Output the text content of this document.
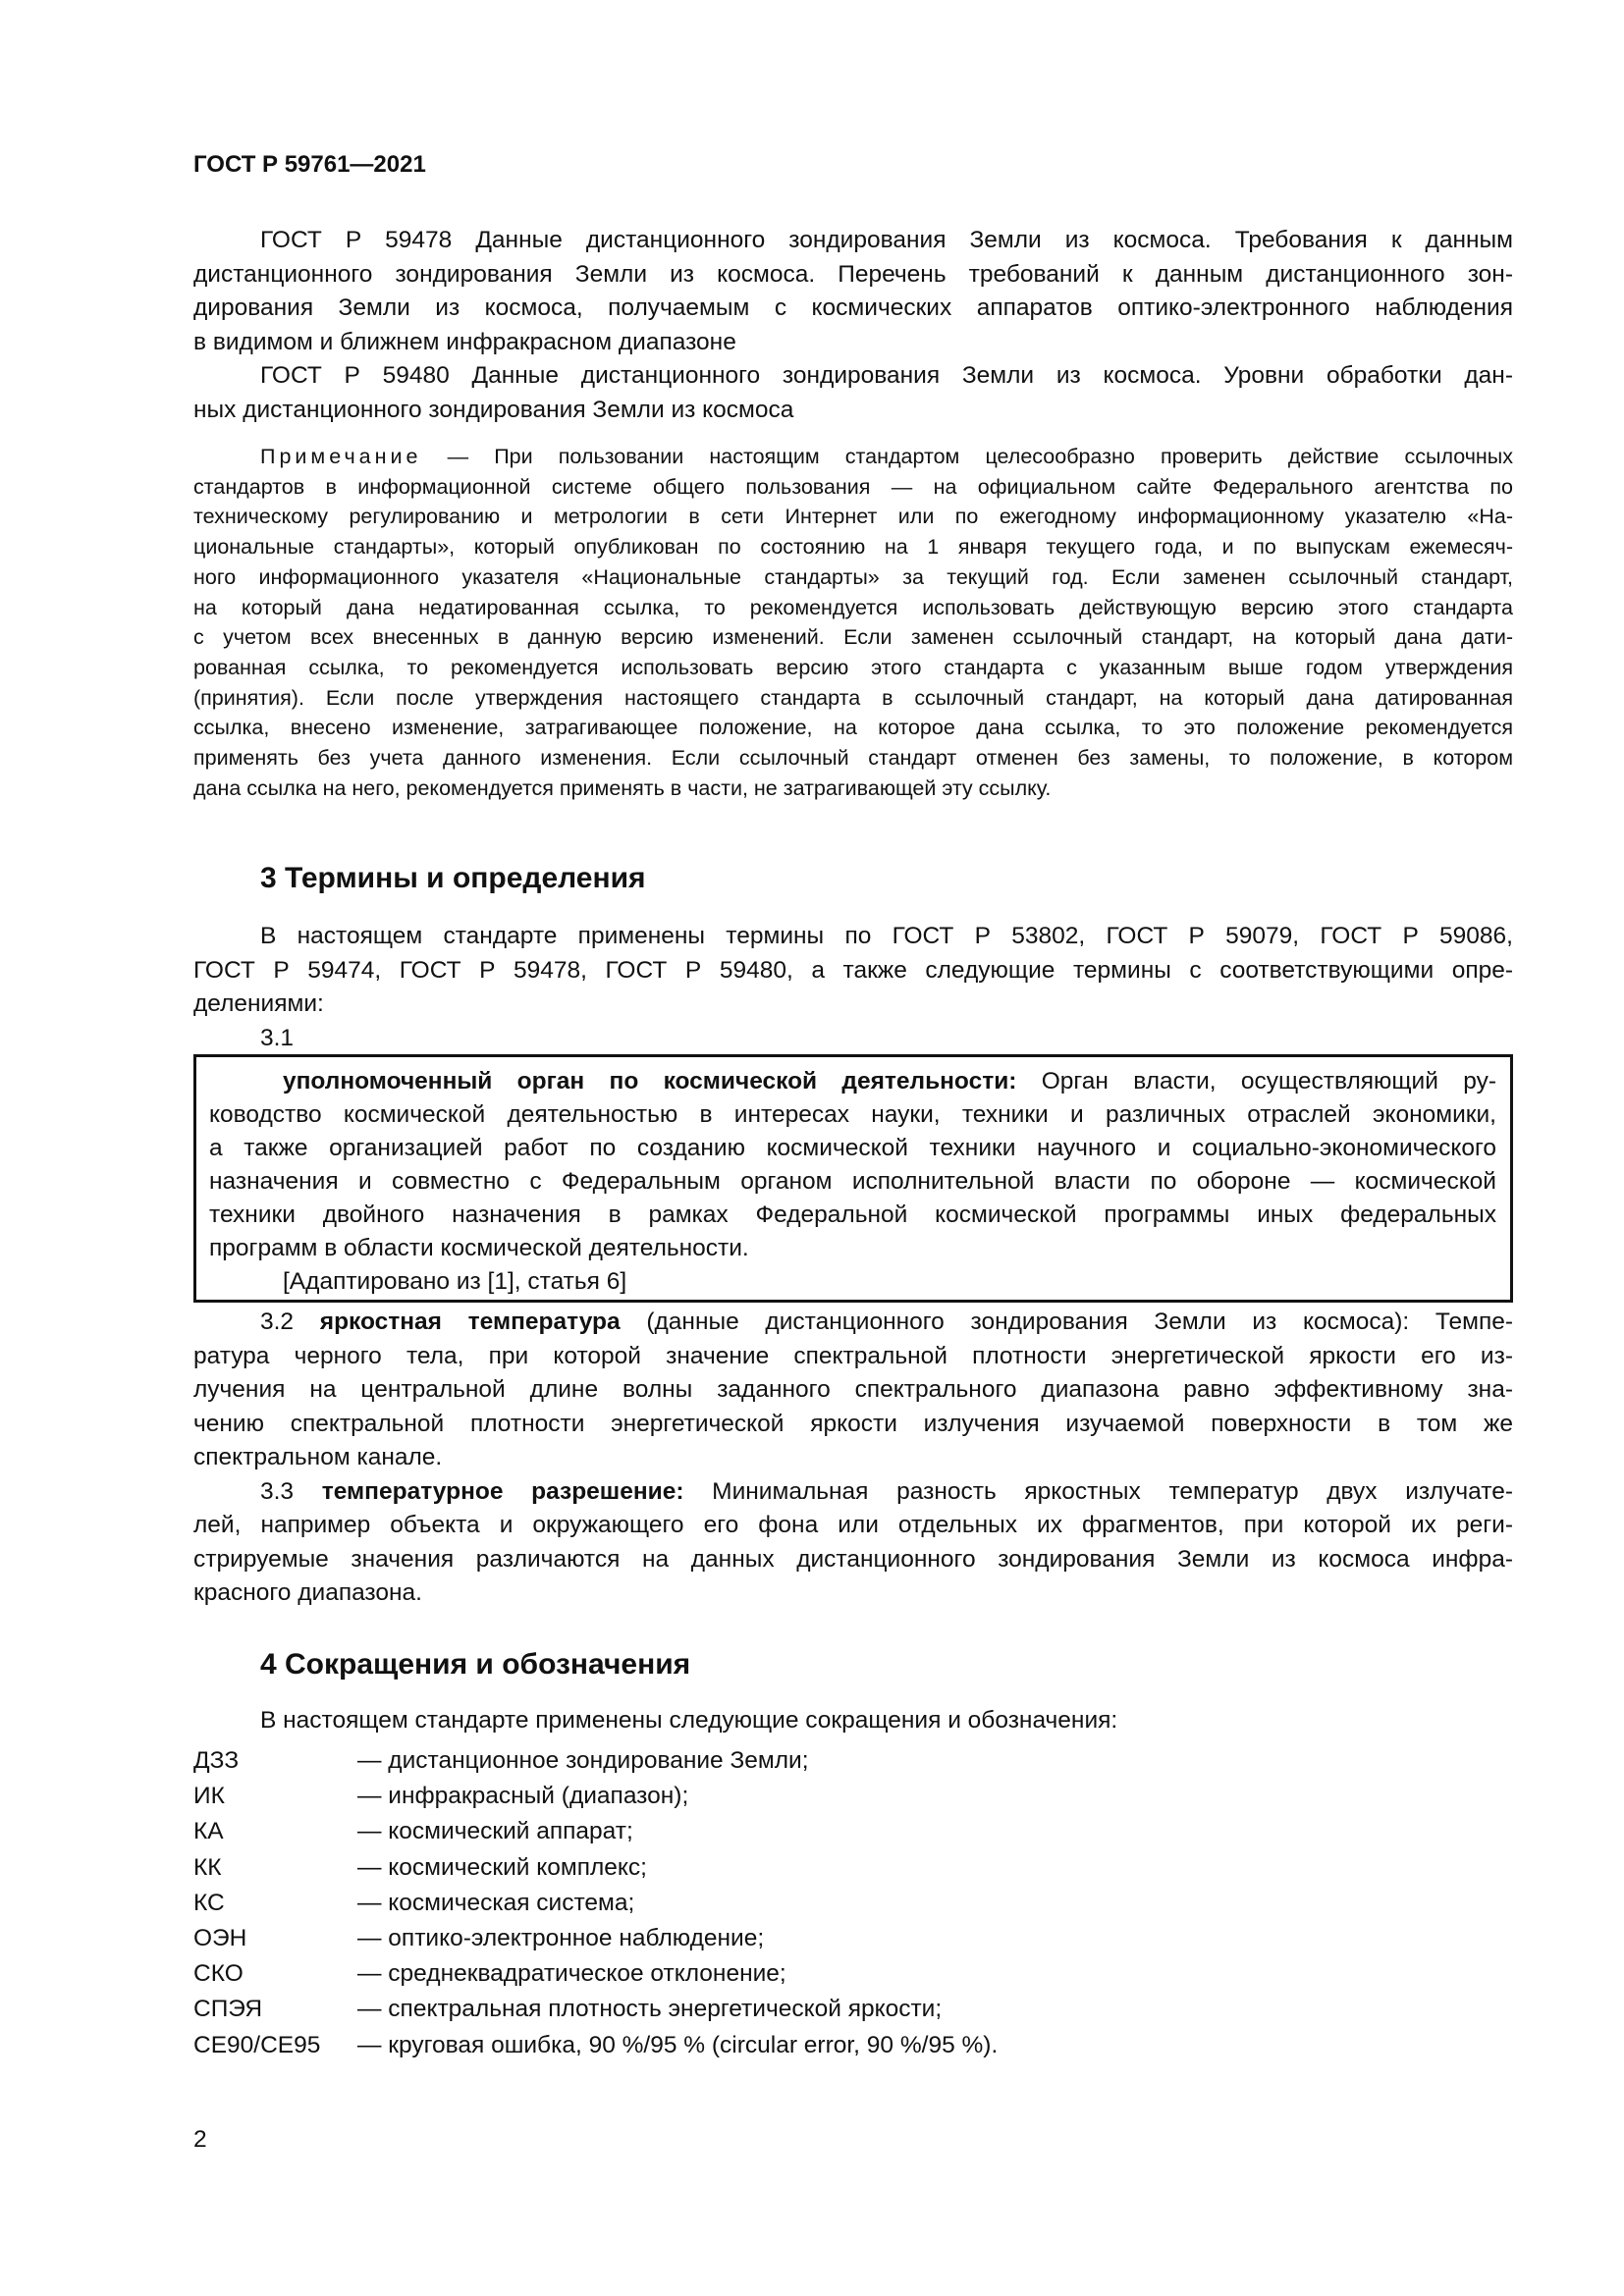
ГОСТ Р 59761—2021
ГОСТ Р 59478 Данные дистанционного зондирования Земли из космоса. Требования к данным
дистанционного зондирования Земли из космоса. Перечень требований к данным дистанционного зон-
дирования Земли из космоса, получаемым с космических аппаратов оптико-электронного наблюдения
в видимом и ближнем инфракрасном диапазоне
ГОСТ Р 59480 Данные дистанционного зондирования Земли из космоса. Уровни обработки дан-
ных дистанционного зондирования Земли из космоса
Примечание — При пользовании настоящим стандартом целесообразно проверить действие ссылочных
стандартов в информационной системе общего пользования — на официальном сайте Федерального агентства по
техническому регулированию и метрологии в сети Интернет или по ежегодному информационному указателю «На-
циональные стандарты», который опубликован по состоянию на 1 января текущего года, и по выпускам ежемесяч-
ного информационного указателя «Национальные стандарты» за текущий год. Если заменен ссылочный стандарт,
на который дана недатированная ссылка, то рекомендуется использовать действующую версию этого стандарта
с учетом всех внесенных в данную версию изменений. Если заменен ссылочный стандарт, на который дана дати-
рованная ссылка, то рекомендуется использовать версию этого стандарта с указанным выше годом утверждения
(принятия). Если после утверждения настоящего стандарта в ссылочный стандарт, на который дана датированная
ссылка, внесено изменение, затрагивающее положение, на которое дана ссылка, то это положение рекомендуется
применять без учета данного изменения. Если ссылочный стандарт отменен без замены, то положение, в котором
дана ссылка на него, рекомендуется применять в части, не затрагивающей эту ссылку.
3 Термины и определения
В настоящем стандарте применены термины по ГОСТ Р 53802, ГОСТ Р 59079, ГОСТ Р 59086,
ГОСТ Р 59474, ГОСТ Р 59478, ГОСТ Р 59480, а также следующие термины с соответствующими опре-
делениями:
3.1
уполномоченный орган по космической деятельности: Орган власти, осуществляющий ру-
ководство космической деятельностью в интересах науки, техники и различных отраслей экономики,
а также организацией работ по созданию космической техники научного и социально-экономического
назначения и совместно с Федеральным органом исполнительной власти по обороне — космической
техники двойного назначения в рамках Федеральной космической программы иных федеральных
программ в области космической деятельности.
[Адаптировано из [1], статья 6]
3.2 яркостная температура (данные дистанционного зондирования Земли из космоса): Темпе-
ратура черного тела, при которой значение спектральной плотности энергетической яркости его из-
лучения на центральной длине волны заданного спектрального диапазона равно эффективному зна-
чению спектральной плотности энергетической яркости излучения изучаемой поверхности в том же
спектральном канале.
3.3 температурное разрешение: Минимальная разность яркостных температур двух излучате-
лей, например объекта и окружающего его фона или отдельных их фрагментов, при которой их реги-
стрируемые значения различаются на данных дистанционного зондирования Земли из космоса инфра-
красного диапазона.
4 Сокращения и обозначения
В настоящем стандарте применены следующие сокращения и обозначения:
ДЗЗ	— дистанционное зондирование Земли;
ИК	— инфракрасный (диапазон);
КА	— космический аппарат;
КК	— космический комплекс;
КС	— космическая система;
ОЭН	— оптико-электронное наблюдение;
СКО	— среднеквадратическое отклонение;
СПЭЯ	— спектральная плотность энергетической яркости;
CE90/CE95	— круговая ошибка, 90 %/95 % (circular error, 90 %/95 %).
2
